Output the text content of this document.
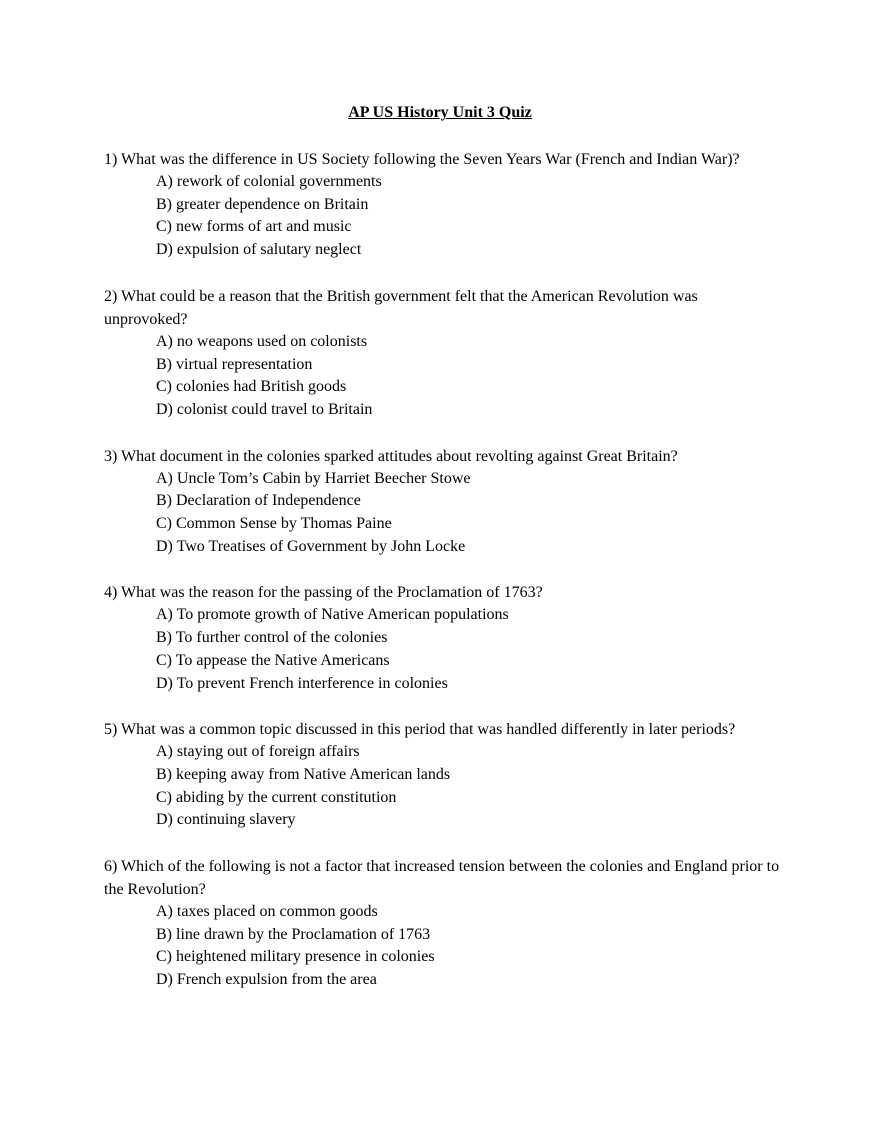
AP US History Unit 3 Quiz

1) What was the difference in US Society following the Seven Years War (French and Indian War)?

A) rework of colonial governments
B) greater dependence on Britain
C) new forms of art and music
D) expulsion of salutary neglect

2) What could be a reason that the British government felt that the American Revolution was unprovoked?

A) no weapons used on colonists
B) virtual representation
C) colonies had British goods
D) colonist could travel to Britain

3) What document in the colonies sparked attitudes about revolting against Great Britain?

A) Uncle Tom’s Cabin by Harriet Beecher Stowe
B) Declaration of Independence
C) Common Sense by Thomas Paine
D) Two Treatises of Government by John Locke

4) What was the reason for the passing of the Proclamation of 1763?

A) To promote growth of Native American populations
B) To further control of the colonies
C) To appease the Native Americans
D) To prevent French interference in colonies

5) What was a common topic discussed in this period that was handled differently in later periods?

A) staying out of foreign affairs
B) keeping away from Native American lands
C) abiding by the current constitution
D) continuing slavery

6) Which of the following is not a factor that increased tension between the colonies and England prior to the Revolution?

A) taxes placed on common goods
B) line drawn by the Proclamation of 1763
C) heightened military presence in colonies
D) French expulsion from the area
